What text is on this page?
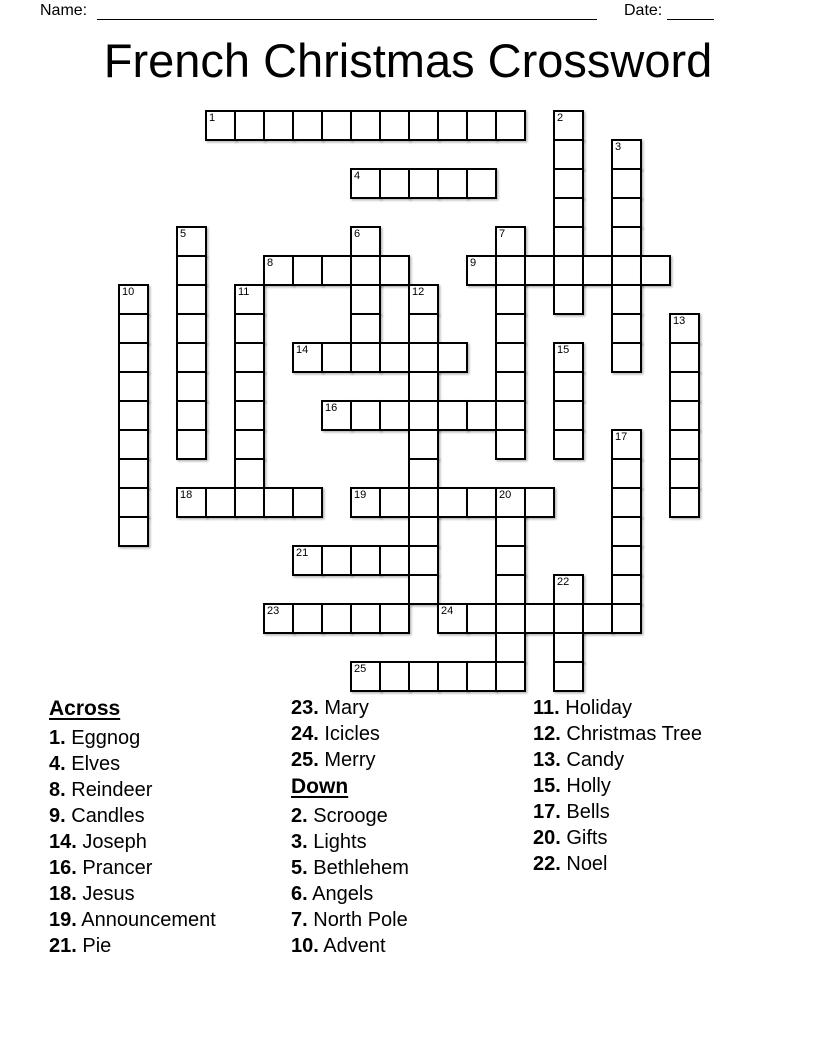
Name:	Date:
French Christmas Crossword
1	2
3
4
5	6	7
8	9
10	11	12
13
14	15
16
17
18	19	20
21
22
23	24
25
Across
1. Eggnog
4. Elves
8. Reindeer
9. Candles
14. Joseph
16. Prancer
18. Jesus
19. Announcement
21. Pie
23. Mary
24. Icicles
25. Merry
Down
2. Scrooge
3. Lights
5. Bethlehem
6. Angels
7. North Pole
10. Advent
11. Holiday
12. Christmas Tree
13. Candy
15. Holly
17. Bells
20. Gifts
22. Noel
